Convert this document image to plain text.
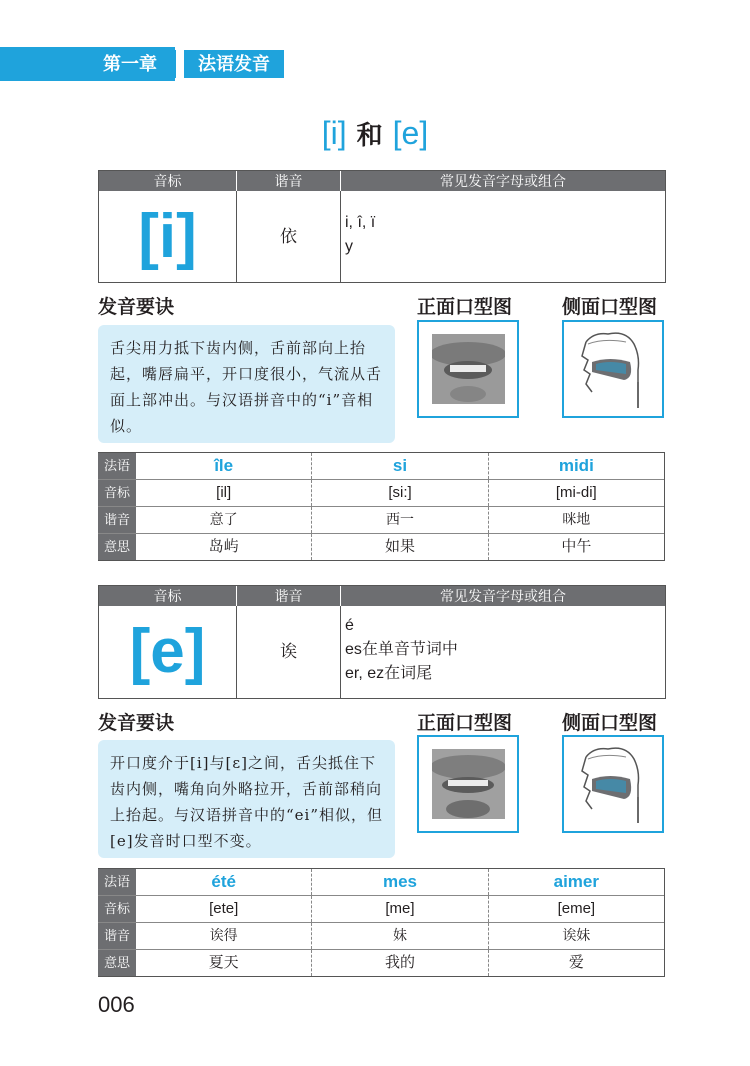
第一章	法语发音
[i] 和 [e]
音标	谐音	常见发音字母或组合
[i]	依
i, î, ï
y
发音要诀	正面口型图	侧面口型图
舌尖用力抵下齿内侧，舌前部向上抬起，嘴唇扁平，开口度很小，气流从舌面上部冲出。与汉语拼音中的“i”音相似。
法语	île	si	midi
音标	[il]	[si:]	[mi-di]
谐音	意了	西一	咪地
意思	岛屿	如果	中午
音标	谐音	常见发音字母或组合
[e]	诶
é
es在单音节词中
er, ez在词尾
发音要诀	正面口型图	侧面口型图
开口度介于[i]与[ɛ]之间，舌尖抵住下齿内侧，嘴角向外略拉开，舌前部稍向上抬起。与汉语拼音中的“ei”相似，但[e]发音时口型不变。
法语	été	mes	aimer
音标	[ete]	[me]	[eme]
谐音	诶得	妹	诶妹
意思	夏天	我的	爱
006
